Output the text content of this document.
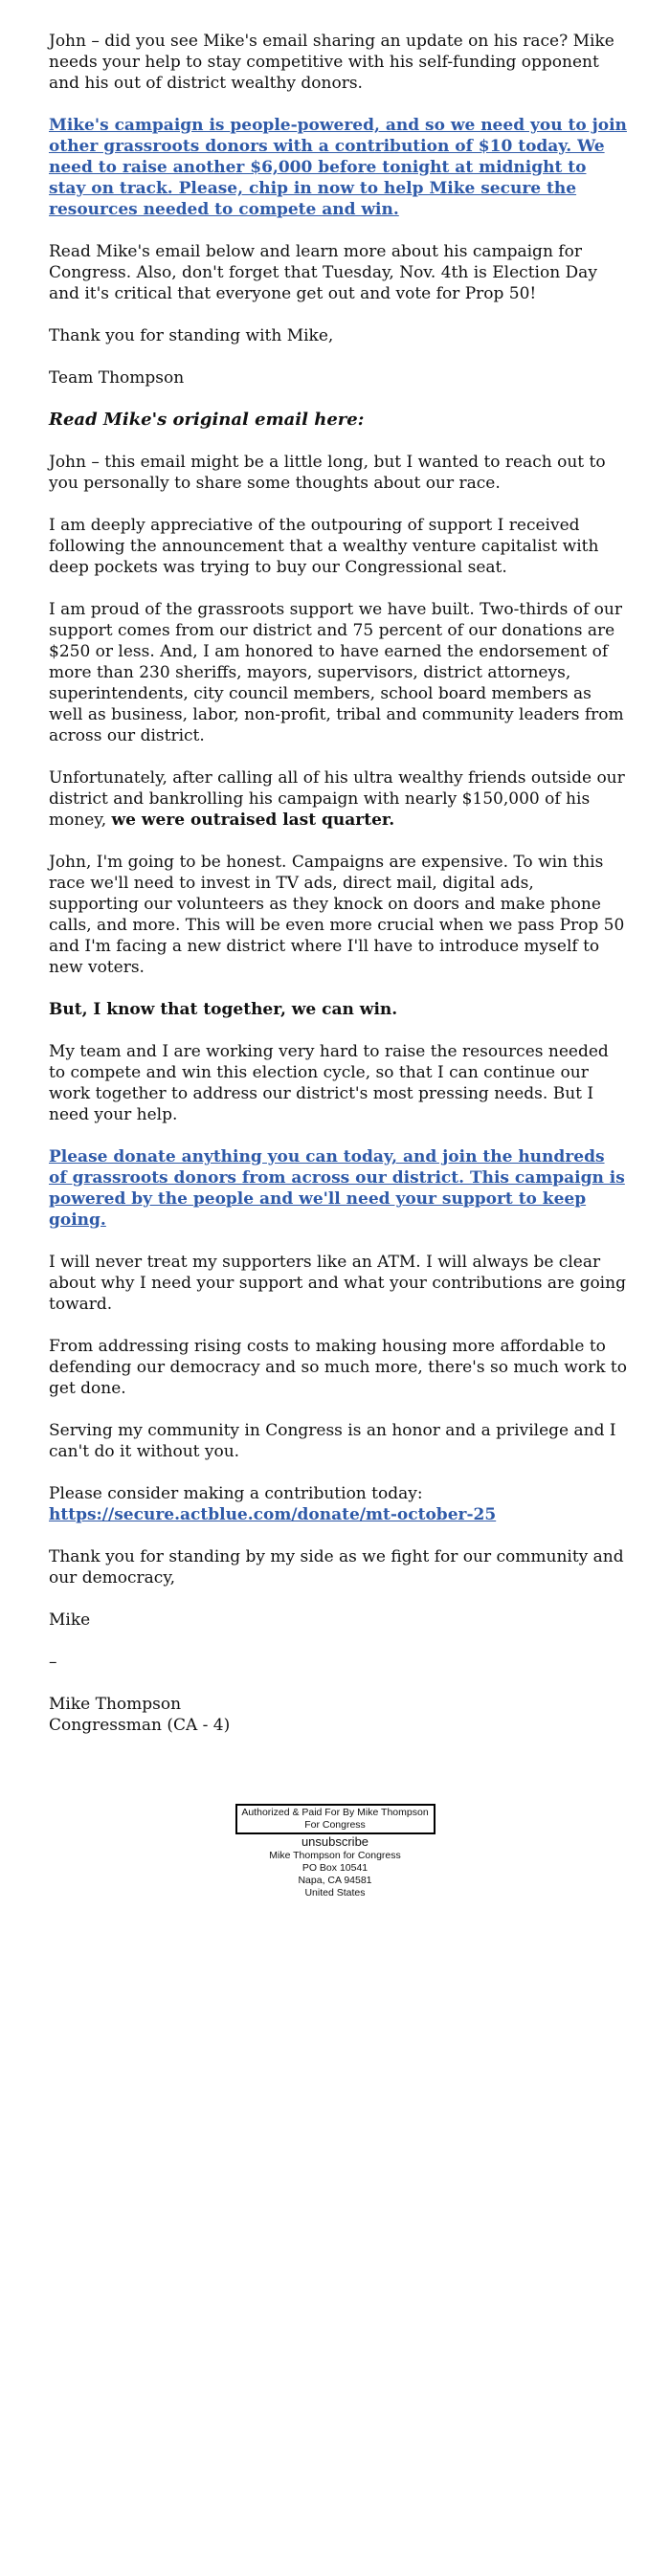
John – did you see Mike's email sharing an update on his race? Mike needs your help to stay competitive with his self-funding opponent and his out of district wealthy donors.

Mike's campaign is people-powered, and so we need you to join other grassroots donors with a contribution of $10 today. We need to raise another $6,000 before tonight at midnight to stay on track. Please, chip in now to help Mike secure the resources needed to compete and win.

Read Mike's email below and learn more about his campaign for Congress. Also, don't forget that Tuesday, Nov. 4th is Election Day and it's critical that everyone get out and vote for Prop 50!

Thank you for standing with Mike,

Team Thompson

Read Mike's original email here:

John – this email might be a little long, but I wanted to reach out to you personally to share some thoughts about our race.

I am deeply appreciative of the outpouring of support I received following the announcement that a wealthy venture capitalist with deep pockets was trying to buy our Congressional seat.

I am proud of the grassroots support we have built. Two-thirds of our support comes from our district and 75 percent of our donations are $250 or less. And, I am honored to have earned the endorsement of more than 230 sheriffs, mayors, supervisors, district attorneys, superintendents, city council members, school board members as well as business, labor, non-profit, tribal and community leaders from across our district.

Unfortunately, after calling all of his ultra wealthy friends outside our district and bankrolling his campaign with nearly $150,000 of his money, we were outraised last quarter.

John, I'm going to be honest. Campaigns are expensive. To win this race we'll need to invest in TV ads, direct mail, digital ads, supporting our volunteers as they knock on doors and make phone calls, and more. This will be even more crucial when we pass Prop 50 and I'm facing a new district where I'll have to introduce myself to new voters.

But, I know that together, we can win.

My team and I are working very hard to raise the resources needed to compete and win this election cycle, so that I can continue our work together to address our district's most pressing needs. But I need your help.

Please donate anything you can today, and join the hundreds of grassroots donors from across our district. This campaign is powered by the people and we'll need your support to keep going.

I will never treat my supporters like an ATM. I will always be clear about why I need your support and what your contributions are going toward.

From addressing rising costs to making housing more affordable to defending our democracy and so much more, there's so much work to get done.

Serving my community in Congress is an honor and a privilege and I can't do it without you.

Please consider making a contribution today:
https://secure.actblue.com/donate/mt-october-25

Thank you for standing by my side as we fight for our community and our democracy,

Mike

–

Mike Thompson

Congressman (CA - 4)

Authorized & Paid For By Mike Thompson For Congress
unsubscribe
Mike Thompson for Congress
PO Box 10541
Napa, CA 94581
United States
